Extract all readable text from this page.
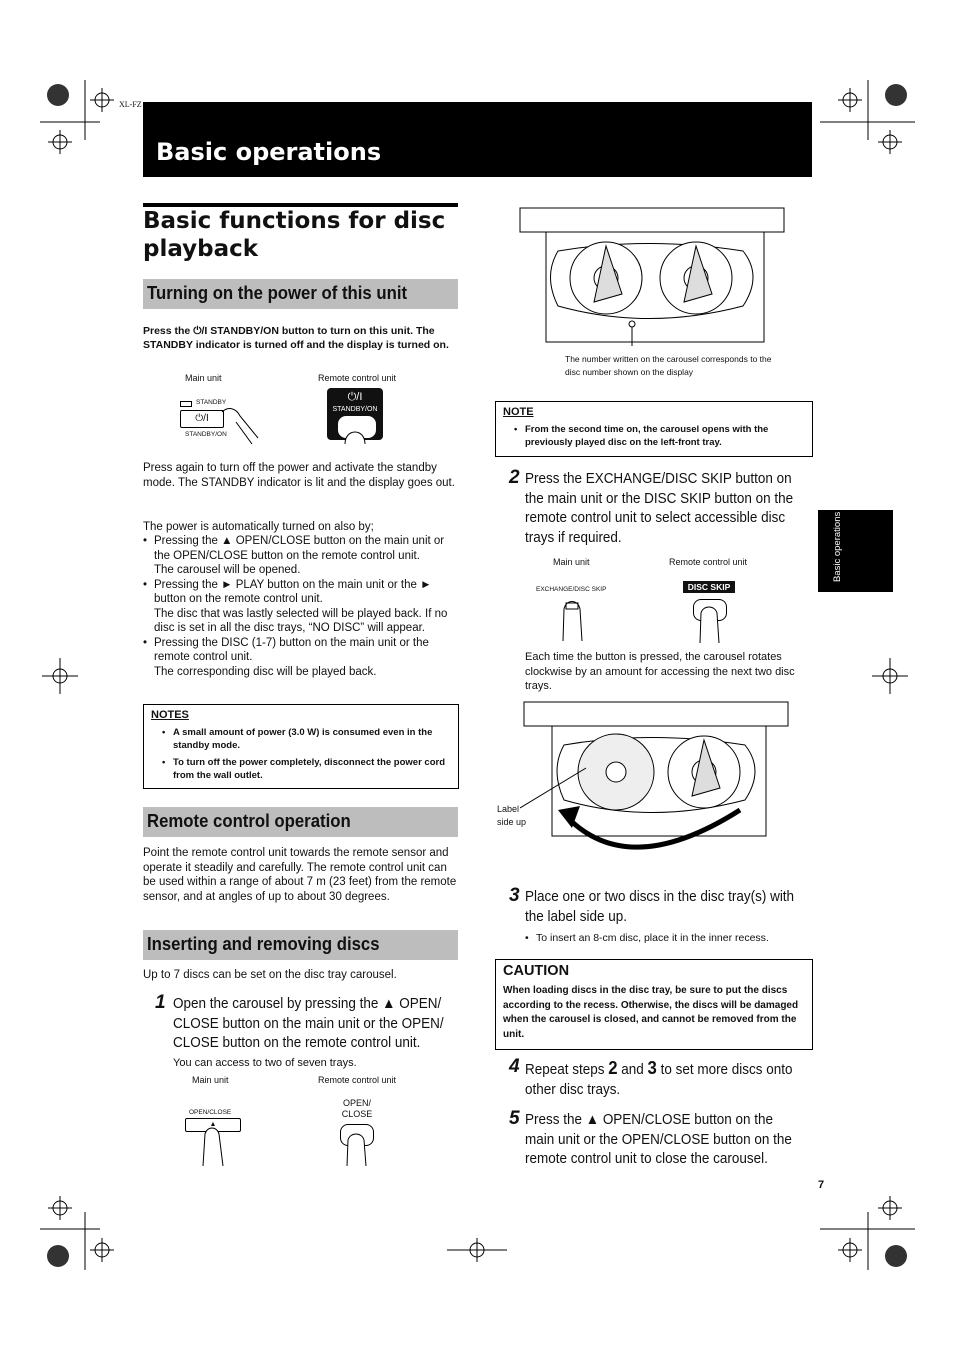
XL-FZ
Basic operations
Basic operations
Basic functions for disc playback
Turning on the power of this unit
Press the ⏻/I STANDBY/ON button to turn on this unit. The STANDBY indicator is turned off and the display is turned on.
Main unit	Remote control unit
STANDBY
⏻/I
STANDBY/ON
⏻/I
STANDBY/ON
Press again to turn off the power and activate the standby mode. The STANDBY indicator is lit and the display goes out.
The power is automatically turned on also by;
• Pressing the ▲ OPEN/CLOSE button on the main unit or the OPEN/CLOSE button on the remote control unit.
The carousel will be opened.
• Pressing the ► PLAY button on the main unit or the ► button on the remote control unit.
The disc that was lastly selected will be played back. If no disc is set in all the disc trays, “NO DISC” will appear.
• Pressing the DISC (1-7) button on the main unit or the remote control unit.
The corresponding disc will be played back.
NOTES
• A small amount of power (3.0 W) is consumed even in the standby mode.
• To turn off the power completely, disconnect the power cord from the wall outlet.
Remote control operation
Point the remote control unit towards the remote sensor and operate it steadily and carefully. The remote control unit can be used within a range of about 7 m (23 feet) from the remote sensor, and at angles of up to about 30 degrees.
Inserting and removing discs
Up to 7 discs can be set on the disc tray carousel.
1 Open the carousel by pressing the ▲ OPEN/ CLOSE button on the main unit or the OPEN/ CLOSE button on the remote control unit.
You can access to two of seven trays.
Main unit	Remote control unit
OPEN/CLOSE
▲
OPEN/ CLOSE
The number written on the carousel corresponds to the disc number shown on the display
NOTE
• From the second time on, the carousel opens with the previously played disc on the left-front tray.
2 Press the EXCHANGE/DISC SKIP button on the main unit or the DISC SKIP button on the remote control unit to select accessible disc trays if required.
Main unit	Remote control unit
EXCHANGE/DISC SKIP	DISC SKIP
Each time the button is pressed, the carousel rotates clockwise by an amount for accessing the next two disc trays.
Label side up
3 Place one or two discs in the disc tray(s) with the label side up.
• To insert an 8-cm disc, place it in the inner recess.
CAUTION
When loading discs in the disc tray, be sure to put the discs according to the recess. Otherwise, the discs will be damaged when the carousel is closed, and cannot be removed from the unit.
4 Repeat steps 2 and 3 to set more discs onto other disc trays.
5 Press the ▲ OPEN/CLOSE button on the main unit or the OPEN/CLOSE button on the remote control unit to close the carousel.
7
